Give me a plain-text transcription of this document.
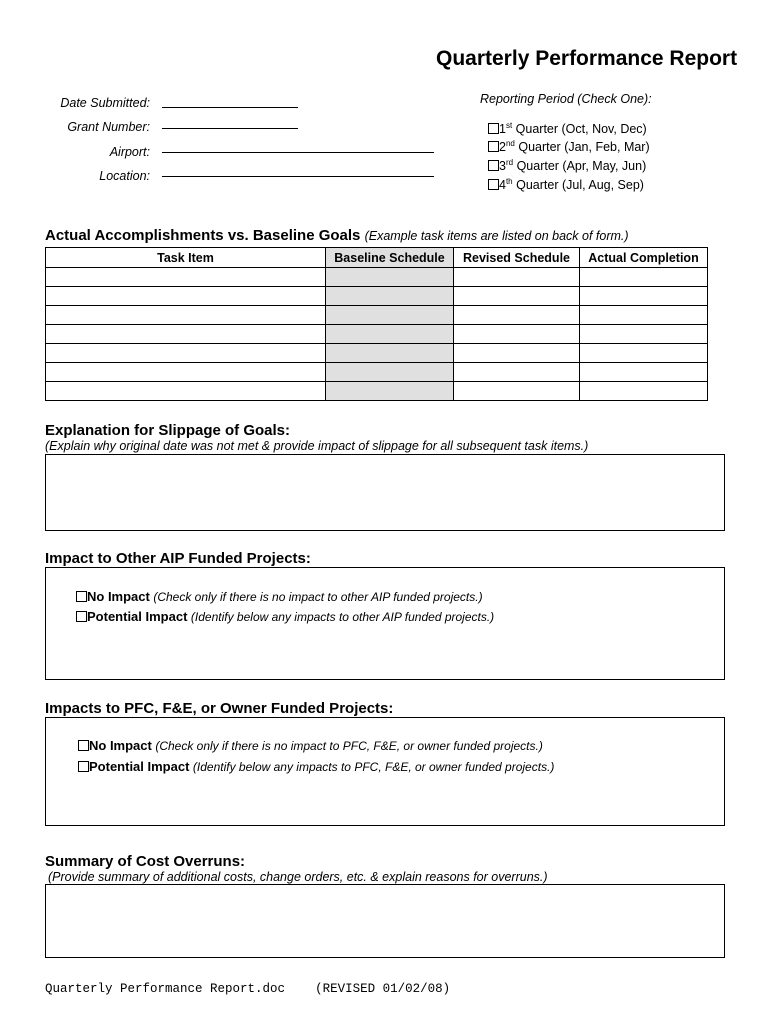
Quarterly Performance Report
Date Submitted:
Grant Number:
Airport:
Location:
Reporting Period (Check One):
1st Quarter (Oct, Nov, Dec)
2nd Quarter (Jan, Feb, Mar)
3rd Quarter (Apr, May, Jun)
4th Quarter (Jul, Aug, Sep)
Actual Accomplishments vs. Baseline Goals (Example task items are listed on back of form.)
Task Item	Baseline Schedule	Revised Schedule	Actual Completion

Explanation for Slippage of Goals:
(Explain why original date was not met & provide impact of slippage for all subsequent task items.)
Impact to Other AIP Funded Projects:
No Impact (Check only if there is no impact to other AIP funded projects.)
Potential Impact (Identify below any impacts to other AIP funded projects.)
Impacts to PFC, F&E, or Owner Funded Projects:
No Impact (Check only if there is no impact to PFC, F&E, or owner funded projects.)
Potential Impact (Identify below any impacts to PFC, F&E, or owner funded projects.)
Summary of Cost Overruns:
(Provide summary of additional costs, change orders, etc. & explain reasons for overruns.)
Quarterly Performance Report.doc (REVISED 01/02/08)
